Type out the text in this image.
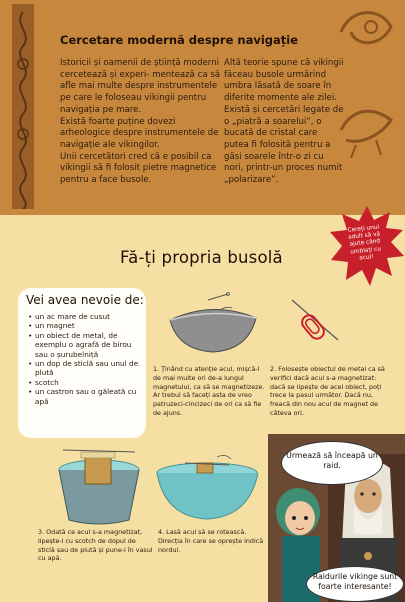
Cercetare modernă despre navigație

Istoricii și oamenii de știință moderni cercetează și experi- mentează ca să afle mai multe despre instrumentele pe care le foloseau vikingii pentru navigația pe mare.

Există foarte puține dovezi arheologice despre instrumentele de navigație ale vikingilor.

Unii cercetători cred că e posibil ca vikingii să fi folosit pietre magnetice pentru a face busole.

Altă teorie spune că vikingii făceau busole urmărind umbra lăsată de soare în diferite momente ale zilei.

Există și cercetări legate de o „piatră a soarelui”, o bucată de cristal care putea fi folosită pentru a găsi soarele într-o zi cu nori, printr-un proces numit „polarizare”.

Cereți unui adult să vă ajute când umblați cu acul!
Fă-ți propria busolă
Vei avea nevoie de:
• un ac mare de cusut
• un magnet
• un obiect de metal, de exemplu o agrafă de birou sau o șurubelniță
• un dop de sticlă sau unul de plută
• scotch
• un castron sau o găleată cu apă
1. Ținând cu atenție acul, mișcă-l de mai multe ori de-a lungul magnetului, ca să se magnetizeze. Ar trebui să faceți asta de vreo patruzeci-cincizeci de ori ca să fie de ajuns.
2. Folosește obiectul de metal ca să verifici dacă acul s-a magnetizat: dacă se lipește de acel obiect, poți trece la pasul următor. Dacă nu, freacă din nou acul de magnet de câteva ori.
3. Odată ce acul s-a magnetizat, lipește-l cu scotch de dopul de sticlă sau de plută și pune-l în vasul cu apă.
4. Lasă acul să se rotească. Direcția în care se oprește indică nordul.
Urmează să înceapă un raid.
Raidurile vikinge sunt foarte interesante!
